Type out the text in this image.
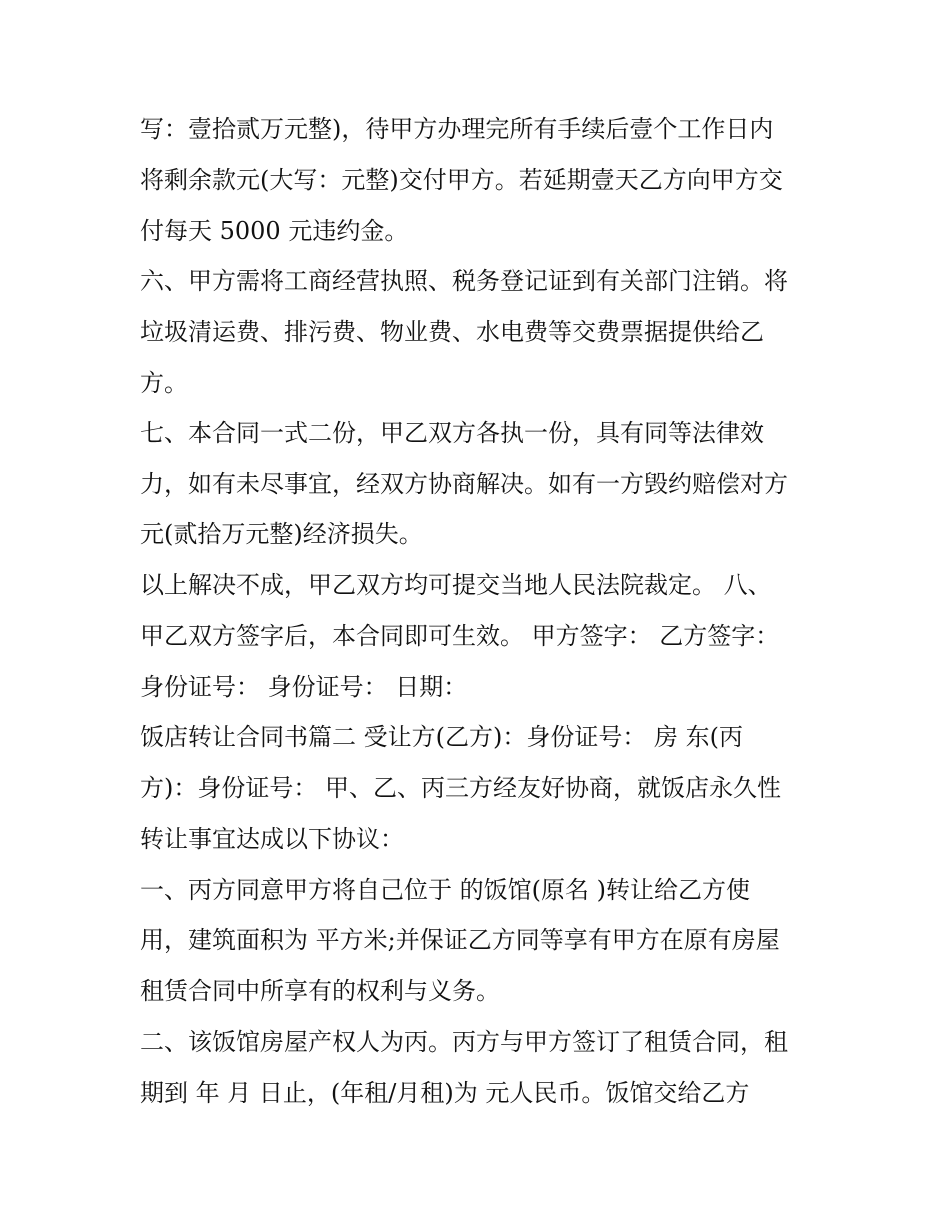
写：壹拾贰万元整)，待甲方办理完所有手续后壹个工作日内
将剩余款元(大写：元整)交付甲方。若延期壹天乙方向甲方交
付每天 5000 元违约金。
六、甲方需将工商经营执照、税务登记证到有关部门注销。将
垃圾清运费、排污费、物业费、水电费等交费票据提供给乙
方。
七、本合同一式二份，甲乙双方各执一份，具有同等法律效
力，如有未尽事宜，经双方协商解决。如有一方毁约赔偿对方
元(贰拾万元整)经济损失。
以上解决不成，甲乙双方均可提交当地人民法院裁定。 八、
甲乙双方签字后，本合同即可生效。 甲方签字： 乙方签字：
身份证号： 身份证号： 日期：
饭店转让合同书篇二 受让方(乙方)：身份证号： 房 东(丙
方)：身份证号： 甲、乙、丙三方经友好协商，就饭店永久性
转让事宜达成以下协议：
一、丙方同意甲方将自己位于 的饭馆(原名 )转让给乙方使
用，建筑面积为 平方米;并保证乙方同等享有甲方在原有房屋
租赁合同中所享有的权利与义务。
二、该饭馆房屋产权人为丙。丙方与甲方签订了租赁合同，租
期到 年 月 日止，(年租/月租)为 元人民币。饭馆交给乙方
